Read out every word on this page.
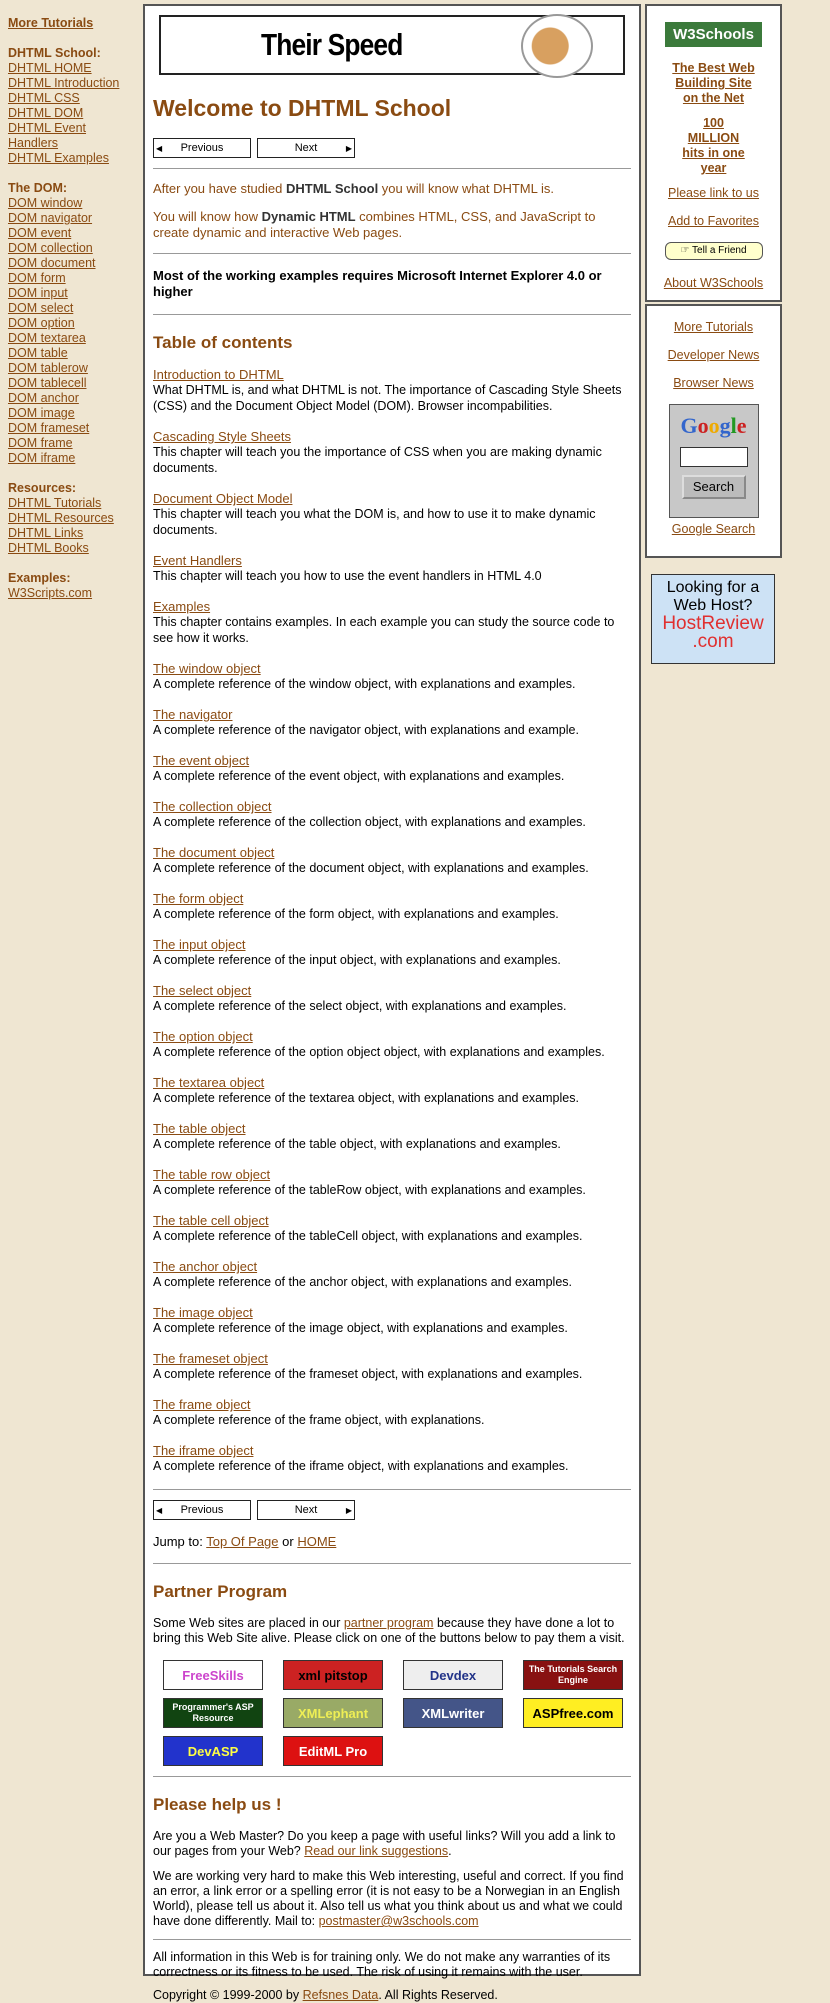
More Tutorials
DHTML School:
DHTML HOME
DHTML Introduction
DHTML CSS
DHTML DOM
DHTML Event Handlers
DHTML Examples
The DOM:
DOM window
DOM navigator
DOM event
DOM collection
DOM document
DOM form
DOM input
DOM select
DOM option
DOM textarea
DOM table
DOM tablerow
DOM tablecell
DOM anchor
DOM image
DOM frameset
DOM frame
DOM iframe
Resources:
DHTML Tutorials
DHTML Resources
DHTML Links
DHTML Books
Examples:
W3Scripts.com
Their Speed
Welcome to DHTML School
◀ Previous	Next	▶

After you have studied DHTML School you will know what DHTML is.

You will know how Dynamic HTML combines HTML, CSS, and JavaScript to create dynamic and interactive Web pages.

Most of the working examples requires Microsoft Internet Explorer 4.0 or higher
Table of contents
Introduction to DHTML
What DHTML is, and what DHTML is not. The importance of Cascading Style Sheets (CSS) and the Document Object Model (DOM). Browser incompabilities.
Cascading Style Sheets
This chapter will teach you the importance of CSS when you are making dynamic documents.
Document Object Model
This chapter will teach you what the DOM is, and how to use it to make dynamic documents.
Event Handlers
This chapter will teach you how to use the event handlers in HTML 4.0
Examples
This chapter contains examples. In each example you can study the source code to see how it works.
The window object
A complete reference of the window object, with explanations and examples.
The navigator
A complete reference of the navigator object, with explanations and example.
The event object
A complete reference of the event object, with explanations and examples.
The collection object
A complete reference of the collection object, with explanations and examples.
The document object
A complete reference of the document object, with explanations and examples.
The form object
A complete reference of the form object, with explanations and examples.
The input object
A complete reference of the input object, with explanations and examples.
The select object
A complete reference of the select object, with explanations and examples.
The option object
A complete reference of the option object object, with explanations and examples.
The textarea object
A complete reference of the textarea object, with explanations and examples.
The table object
A complete reference of the table object, with explanations and examples.
The table row object
A complete reference of the tableRow object, with explanations and examples.
The table cell object
A complete reference of the tableCell object, with explanations and examples.
The anchor object
A complete reference of the anchor object, with explanations and examples.
The image object
A complete reference of the image object, with explanations and examples.
The frameset object
A complete reference of the frameset object, with explanations and examples.
The frame object
A complete reference of the frame object, with explanations.
The iframe object
A complete reference of the iframe object, with explanations and examples.
◀ Previous	Next	▶
Jump to: Top Of Page or HOME
Partner Program
Some Web sites are placed in our partner program because they have done a lot to bring this Web Site alive. Please click on one of the buttons below to pay them a visit.
FreeSkills	xml pitstop	Devdex	The Tutorials Search Engine
Programmer's ASP Resource	XMLephant	XMLwriter	ASPfree.com
DevASP	EditML Pro
Please help us !

Are you a Web Master? Do you keep a page with useful links? Will you add a link to our pages from your Web? Read our link suggestions.

We are working very hard to make this Web interesting, useful and correct. If you find an error, a link error or a spelling error (it is not easy to be a Norwegian in an English World), please tell us about it. Also tell us what you think about us and what we could have done differently. Mail to: postmaster@w3schools.com

All information in this Web is for training only. We do not make any warranties of its correctness or its fitness to be used. The risk of using it remains with the user.
Copyright © 1999-2000 by Refsnes Data. All Rights Reserved.
W3Schools
The Best Web Building Site on the Net
100 MILLION hits in one year
Please link to us
Add to Favorites
☞ Tell a Friend
About W3Schools
More Tutorials
Developer News
Browser News
Google
Search
Google Search
Looking for a Web Host?
HostReview
.com
